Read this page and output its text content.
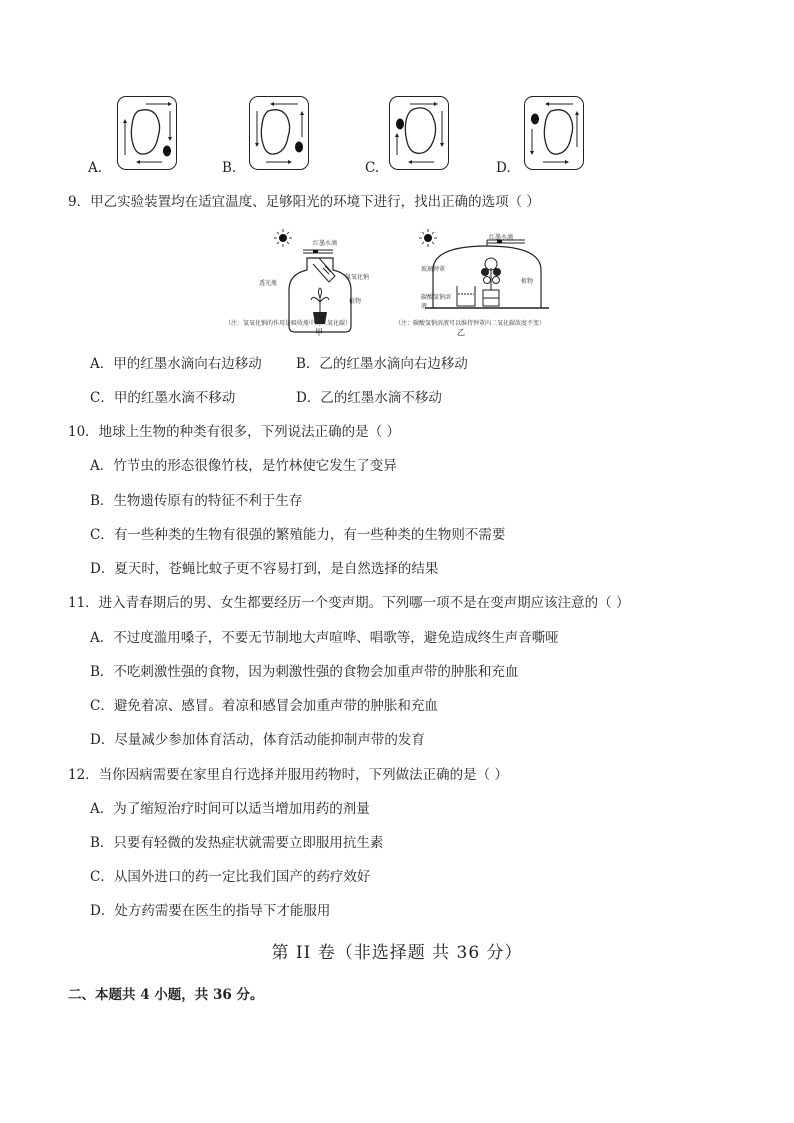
A.	B.	C.	D.
9．甲乙实验装置均在适宜温度、足够阳光的环境下进行，找出正确的选项（ ）
红墨水滴
透光瓶
氢氧化钠
植物
（注：氢氧化钠的作用是吸收瓶中的二氧化碳）
甲
红墨水滴
玻璃钟罩
植物
碳酸氢钠溶液
（注：碳酸氢钠溶液可以维持钟罩内二氧化碳浓度不变）
乙
A．甲的红墨水滴向右边移动	B．乙的红墨水滴向右边移动
C．甲的红墨水滴不移动	D．乙的红墨水滴不移动
10．地球上生物的种类有很多，下列说法正确的是（ ）
A．竹节虫的形态很像竹枝，是竹林使它发生了变异
B．生物遗传原有的特征不利于生存
C．有一些种类的生物有很强的繁殖能力，有一些种类的生物则不需要
D．夏天时，苍蝇比蚊子更不容易打到，是自然选择的结果
11．进入青春期后的男、女生都要经历一个变声期。下列哪一项不是在变声期应该注意的（ ）
A．不过度滥用嗓子，不要无节制地大声喧哗、唱歌等，避免造成终生声音嘶哑
B．不吃刺激性强的食物，因为刺激性强的食物会加重声带的肿胀和充血
C．避免着凉、感冒。着凉和感冒会加重声带的肿胀和充血
D．尽量减少参加体育活动，体育活动能抑制声带的发育
12．当你因病需要在家里自行选择并服用药物时，下列做法正确的是（ ）
A．为了缩短治疗时间可以适当增加用药的剂量
B．只要有轻微的发热症状就需要立即服用抗生素
C．从国外进口的药一定比我们国产的药疗效好
D．处方药需要在医生的指导下才能服用
第 II 卷（非选择题 共 36 分）
二、本题共 4 小题，共 36 分。
